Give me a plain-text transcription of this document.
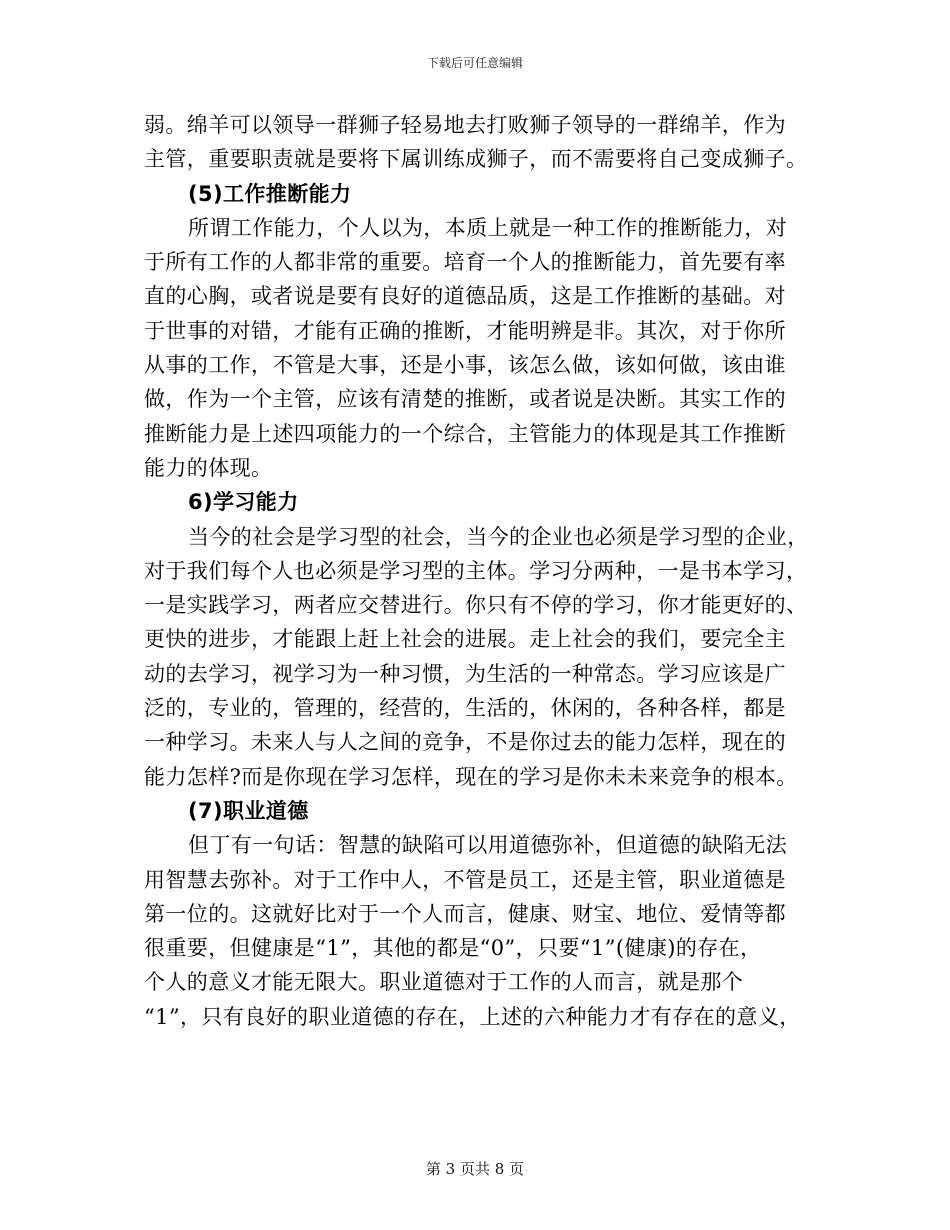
下载后可任意编辑
弱。绵羊可以领导一群狮子轻易地去打败狮子领导的一群绵羊，作为
主管，重要职责就是要将下属训练成狮子，而不需要将自己变成狮子。
(5)工作推断能力
所谓工作能力，个人以为，本质上就是一种工作的推断能力，对
于所有工作的人都非常的重要。培育一个人的推断能力，首先要有率
直的心胸，或者说是要有良好的道德品质，这是工作推断的基础。对
于世事的对错，才能有正确的推断，才能明辨是非。其次，对于你所
从事的工作，不管是大事，还是小事，该怎么做，该如何做，该由谁
做，作为一个主管，应该有清楚的推断，或者说是决断。其实工作的
推断能力是上述四项能力的一个综合，主管能力的体现是其工作推断
能力的体现。
6)学习能力
当今的社会是学习型的社会，当今的企业也必须是学习型的企业，
对于我们每个人也必须是学习型的主体。学习分两种，一是书本学习，
一是实践学习，两者应交替进行。你只有不停的学习，你才能更好的、
更快的进步，才能跟上赶上社会的进展。走上社会的我们，要完全主
动的去学习，视学习为一种习惯，为生活的一种常态。学习应该是广
泛的，专业的，管理的，经营的，生活的，休闲的，各种各样，都是
一种学习。未来人与人之间的竞争，不是你过去的能力怎样，现在的
能力怎样?而是你现在学习怎样，现在的学习是你未未来竞争的根本。
(7)职业道德
但丁有一句话：智慧的缺陷可以用道德弥补，但道德的缺陷无法
用智慧去弥补。对于工作中人，不管是员工，还是主管，职业道德是
第一位的。这就好比对于一个人而言，健康、财宝、地位、爱情等都
很重要，但健康是“1”，其他的都是“0”，只要“1”(健康)的存在，
个人的意义才能无限大。职业道德对于工作的人而言，就是那个
“1”，只有良好的职业道德的存在，上述的六种能力才有存在的意义，
第 3 页共 8 页
